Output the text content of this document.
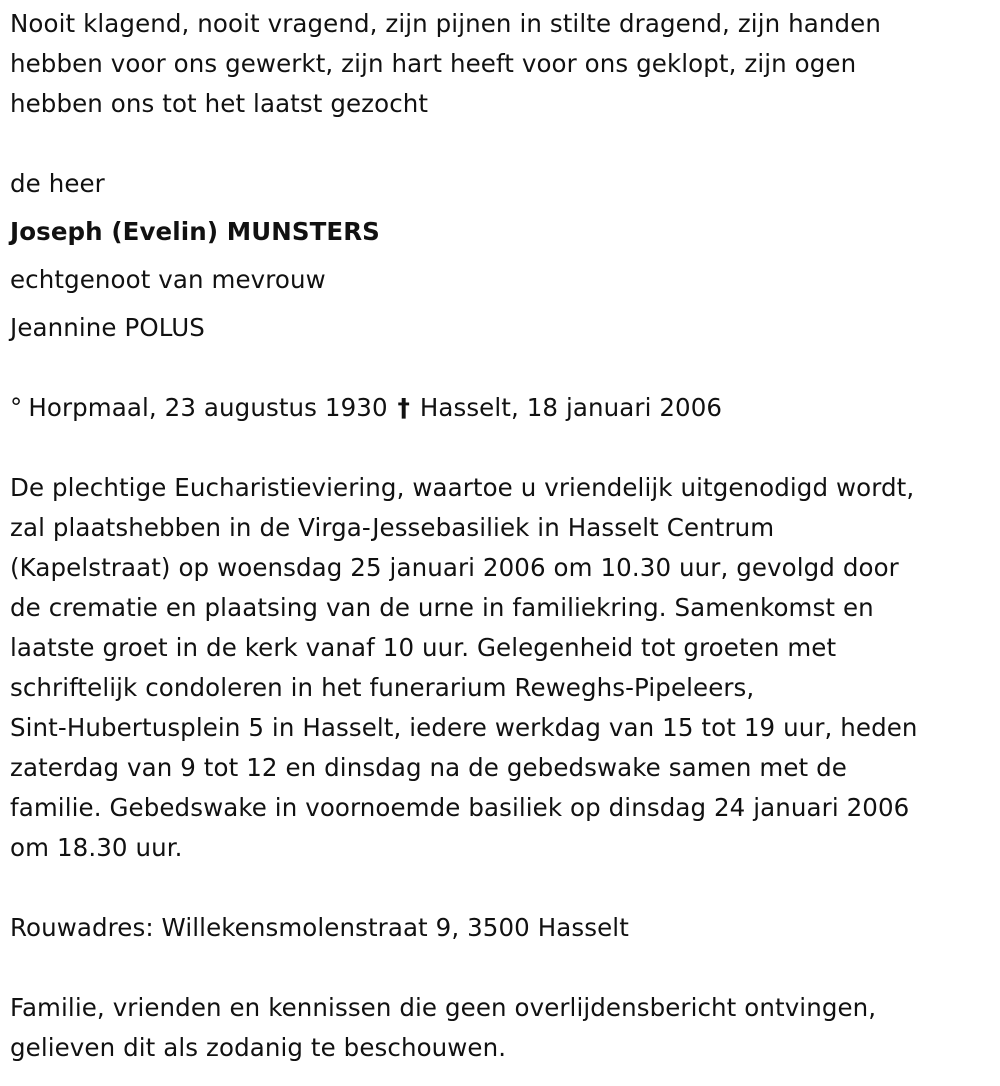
Nooit klagend, nooit vragend, zijn pijnen in stilte dragend, zijn handen

hebben voor ons gewerkt, zijn hart heeft voor ons geklopt, zijn ogen

hebben ons tot het laatst gezocht

de heer

Joseph (Evelin) MUNSTERS

echtgenoot van mevrouw

Jeannine POLUS

° Horpmaal, 23 augustus 1930 † Hasselt, 18 januari 2006

De plechtige Eucharistieviering, waartoe u vriendelijk uitgenodigd wordt,

zal plaatshebben in de Virga-Jessebasiliek in Hasselt Centrum

(Kapelstraat) op woensdag 25 januari 2006 om 10.30 uur, gevolgd door

de crematie en plaatsing van de urne in familiekring. Samenkomst en

laatste groet in de kerk vanaf 10 uur. Gelegenheid tot groeten met

schriftelijk condoleren in het funerarium Reweghs-Pipeleers,

Sint-Hubertusplein 5 in Hasselt, iedere werkdag van 15 tot 19 uur, heden

zaterdag van 9 tot 12 en dinsdag na de gebedswake samen met de

familie. Gebedswake in voornoemde basiliek op dinsdag 24 januari 2006

om 18.30 uur.

Rouwadres: Willekensmolenstraat 9, 3500 Hasselt

Familie, vrienden en kennissen die geen overlijdensbericht ontvingen,

gelieven dit als zodanig te beschouwen.
